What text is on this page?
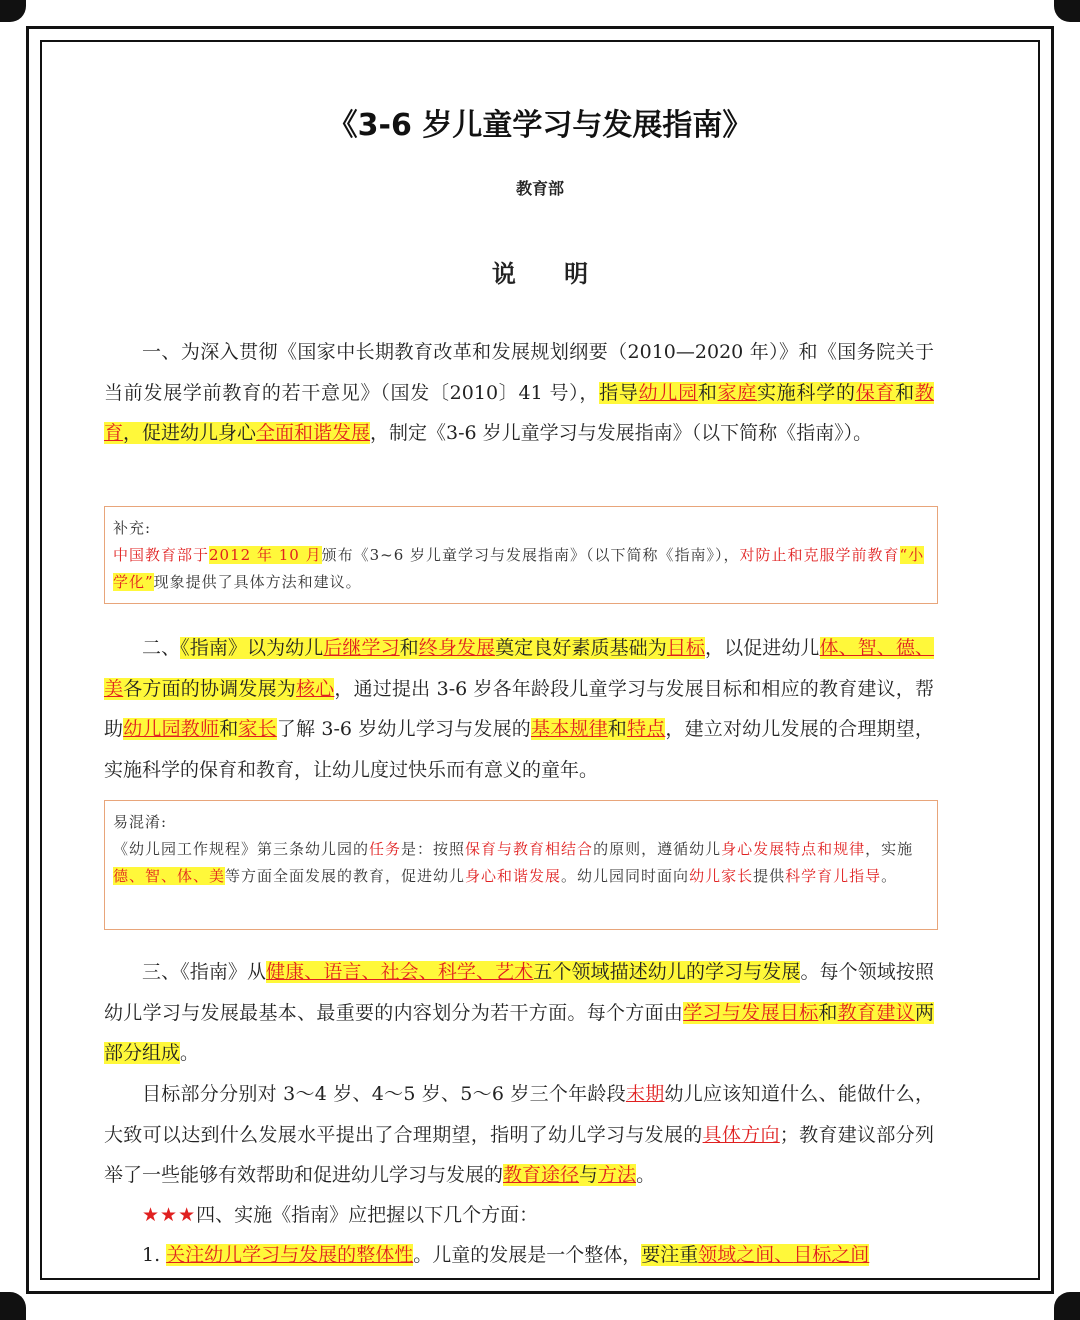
《3-6 岁儿童学习与发展指南》
教育部
说 明
一、为深入贯彻《国家中长期教育改革和发展规划纲要（2010—2020 年）》和《国务院关于当前发展学前教育的若干意见》（国发〔2010〕41 号），指导幼儿园和家庭实施科学的保育和教育，促进幼儿身心全面和谐发展，制定《3-6 岁儿童学习与发展指南》（以下简称《指南》）。
补充:
中国教育部于2012 年 10 月颁布《3~6 岁儿童学习与发展指南》（以下简称《指南》），对防止和克服学前教育“小学化”现象提供了具体方法和建议。
二、《指南》以为幼儿后继学习和终身发展奠定良好素质基础为目标，以促进幼儿体、智、德、美各方面的协调发展为核心，通过提出 3-6 岁各年龄段儿童学习与发展目标和相应的教育建议，帮助幼儿园教师和家长了解 3-6 岁幼儿学习与发展的基本规律和特点，建立对幼儿发展的合理期望，实施科学的保育和教育，让幼儿度过快乐而有意义的童年。
易混淆:
《幼儿园工作规程》第三条幼儿园的任务是：按照保育与教育相结合的原则，遵循幼儿身心发展特点和规律，实施德、智、体、美等方面全面发展的教育，促进幼儿身心和谐发展。幼儿园同时面向幼儿家长提供科学育儿指导。
三、《指南》从健康、语言、社会、科学、艺术五个领域描述幼儿的学习与发展。每个领域按照幼儿学习与发展最基本、最重要的内容划分为若干方面。每个方面由学习与发展目标和教育建议两部分组成。
目标部分分别对 3～4 岁、4～5 岁、5～6 岁三个年龄段末期幼儿应该知道什么、能做什么，大致可以达到什么发展水平提出了合理期望，指明了幼儿学习与发展的具体方向；教育建议部分列举了一些能够有效帮助和促进幼儿学习与发展的教育途径与方法。
★★★四、实施《指南》应把握以下几个方面：
1. 关注幼儿学习与发展的整体性。儿童的发展是一个整体，要注重领域之间、目标之间
